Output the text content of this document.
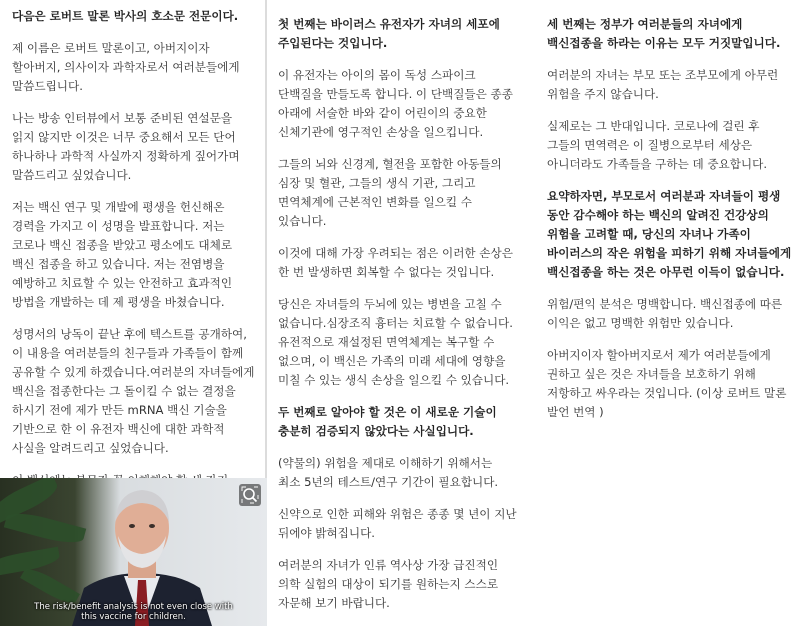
다음은 로버트 말론 박사의 호소문 전문이다.

제 이름은 로버트 말론이고, 아버지이자 할아버지, 의사이자 과학자로서 여러분들에게 말씀드립니다.

나는 방송 인터뷰에서 보통 준비된 연설문을 읽지 않지만 이것은 너무 중요해서 모든 단어 하나하나 과학적 사실까지 정확하게 짚어가며 말씀드리고 싶었습니다.

저는 백신 연구 및 개발에 평생을 헌신해온 경력을 가지고 이 성명을 발표합니다. 저는 코로나 백신 접종을 받았고 평소에도 대체로 백신 접종을 하고 있습니다. 저는 전염병을 예방하고 치료할 수 있는 안전하고 효과적인 방법을 개발하는 데 제 평생을 바쳤습니다.

성명서의 낭독이 끝난 후에 텍스트를 공개하여, 이 내용을 여러분들의 친구들과 가족들이 함께 공유할 수 있게 하겠습니다.여러분의 자녀들에게 백신을 접종한다는 그 돌이킬 수 없는 결정을 하시기 전에 제가 만든 mRNA 백신 기술을 기반으로 한 이 유전자 백신에 대한 과학적 사실을 알려드리고 싶었습니다.

첫 번째는 바이러스 유전자가 자녀의 세포에 주입된다는 것입니다.

이 유전자는 아이의 몸이 독성 스파이크 단백질을 만들도록 합니다. 이 단백질들은 종종 아래에 서술한 바와 같이 어린이의 중요한 신체기관에 영구적인 손상을 일으킵니다.

그들의 뇌와 신경계, 혈전을 포함한 아동들의 심장 및 혈관, 그들의 생식 기관, 그리고 면역체계에 근본적인 변화를 일으킬 수 있습니다.

이것에 대해 가장 우려되는 점은 이러한 손상은 한 번 발생하면 회복할 수 없다는 것입니다.

당신은 자녀들의 두뇌에 있는 병변을 고칠 수 없습니다.심장조직 흉터는 치료할 수 없습니다. 유전적으로 재설정된 면역체계는 복구할 수 없으며, 이 백신은 가족의 미래 세대에 영향을 미칠 수 있는 생식 손상을 일으킬 수 있습니다.

두 번째로 알아야 할 것은 이 새로운 기술이 충분히 검증되지 않았다는 사실입니다.

(약물의) 위험을 제대로 이해하기 위해서는 최소 5년의 테스트/연구 기간이 필요합니다.

신약으로 인한 피해와 위험은 종종 몇 년이 지난 뒤에야 밝혀집니다.

여러분의 자녀가 인류 역사상 가장 급진적인 의학 실험의 대상이 되기를 원하는지 스스로 자문해 보기 바랍니다.

세 번째는 정부가 여러분들의 자녀에게 백신접종을 하라는 이유는 모두 거짓말입니다.

여러분의 자녀는 부모 또는 조부모에게 아무런 위험을 주지 않습니다.

실제로는 그 반대입니다. 코로나에 걸린 후 그들의 면역력은 이 질병으로부터 세상은 아니더라도 가족들을 구하는 데 중요합니다.

요약하자면, 부모로서 여러분과 자녀들이 평생 동안 감수해야 하는 백신의 알려진 건강상의 위험을 고려할 때, 당신의 자녀나 가족이 바이러스의 작은 위험을 피하기 위해 자녀들에게 백신접종을 하는 것은 아무런 이득이 없습니다.

위험/편익 분석은 명백합니다. 백신접종에 따른 이익은 없고 명백한 위험만 있습니다.

아버지이자 할아버지로서 제가 여러분들에게 권하고 싶은 것은 자녀들을 보호하기 위해 저항하고 싸우라는 것입니다. (이상 로버트 말론 발언 번역 )

The risk/benefit analysis is not even close with
this vaccine for children.
